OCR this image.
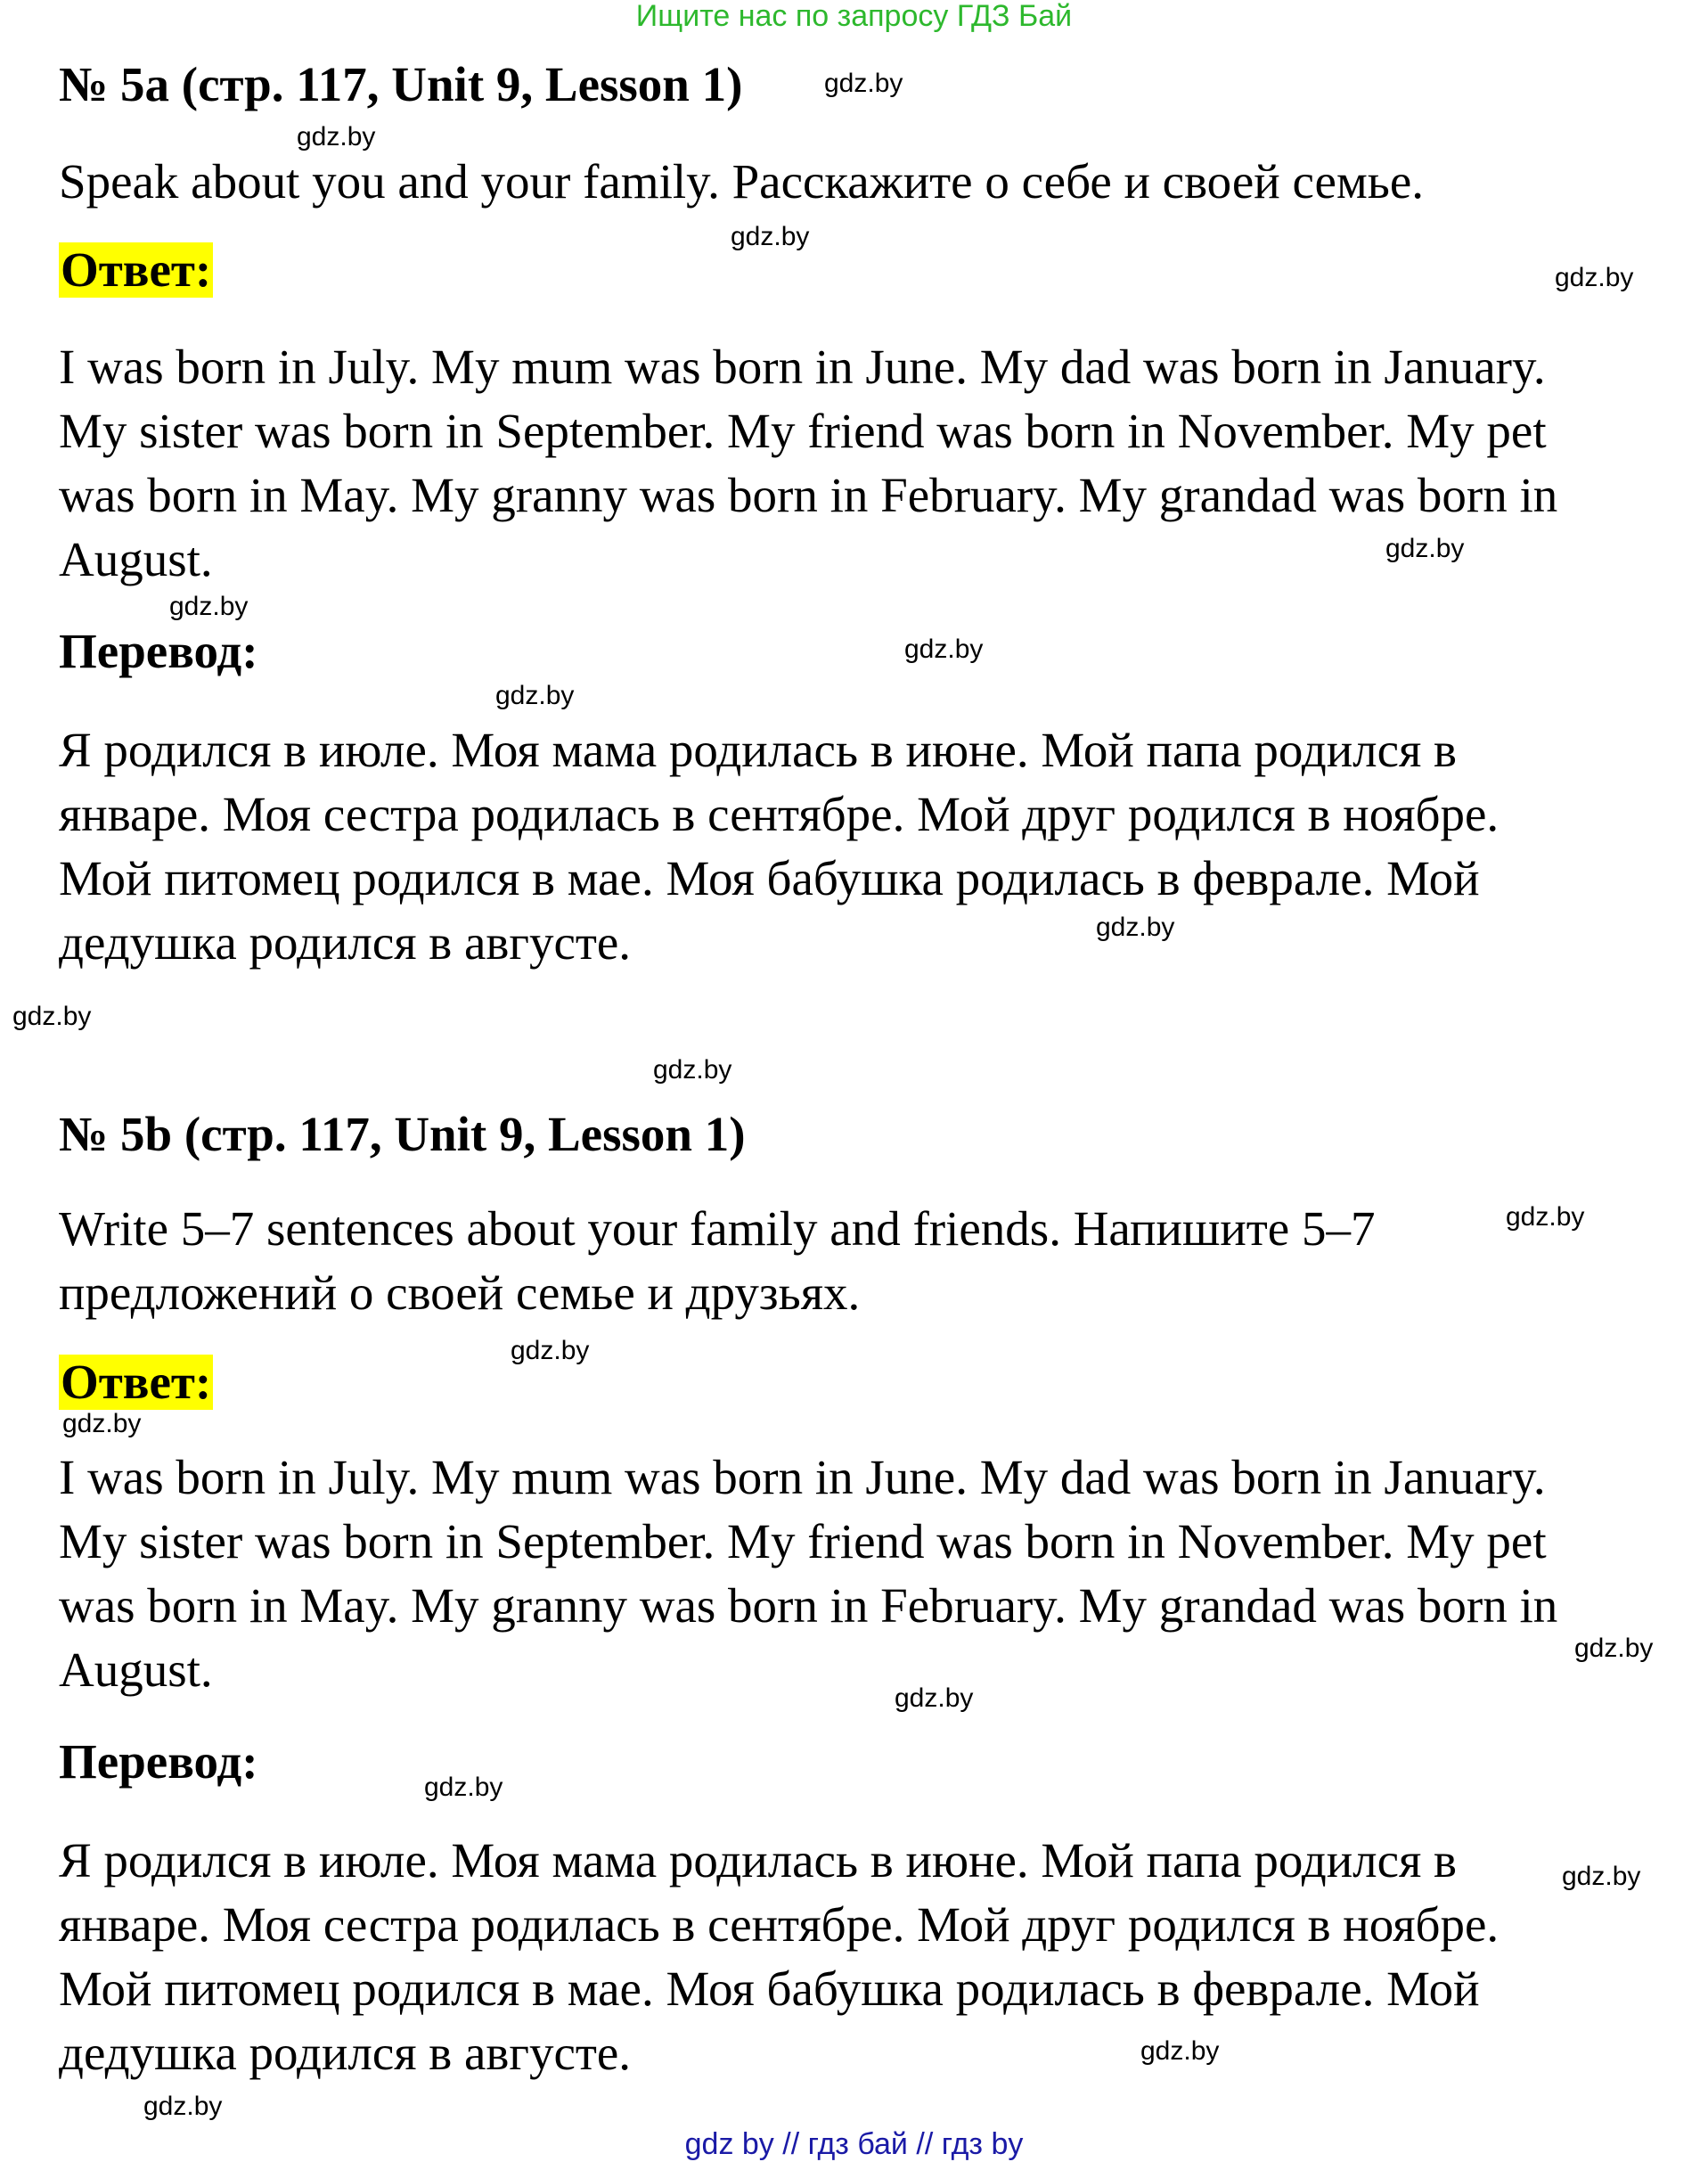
Ищите нас по запросу ГДЗ Бай
№ 5a (стр. 117, Unit 9, Lesson 1)
Speak about you and your family. Расскажите о себе и своей семье.
Ответ:
I was born in July. My mum was born in June. My dad was born in January.
My sister was born in September. My friend was born in November. My pet
was born in May. My granny was born in February. My grandad was born in
August.
Перевод:
Я родился в июле. Моя мама родилась в июне. Мой папа родился в
январе. Моя сестра родилась в сентябре. Мой друг родился в ноябре.
Мой питомец родился в мае. Моя бабушка родилась в феврале. Мой
дедушка родился в августе.
№ 5b (стр. 117, Unit 9, Lesson 1)
Write 5–7 sentences about your family and friends. Напишите 5–7
предложений о своей семье и друзьях.
Ответ:
I was born in July. My mum was born in June. My dad was born in January.
My sister was born in September. My friend was born in November. My pet
was born in May. My granny was born in February. My grandad was born in
August.
Перевод:
Я родился в июле. Моя мама родилась в июне. Мой папа родился в
январе. Моя сестра родилась в сентябре. Мой друг родился в ноябре.
Мой питомец родился в мае. Моя бабушка родилась в феврале. Мой
дедушка родился в августе.
gdz.by
gdz.by
gdz.by
gdz.by
gdz.by
gdz.by
gdz.by
gdz.by
gdz.by
gdz.by
gdz.by
gdz.by
gdz.by
gdz.by
gdz.by
gdz.by
gdz.by
gdz.by
gdz.by
gdz.by
gdz by // гдз бай // гдз by
